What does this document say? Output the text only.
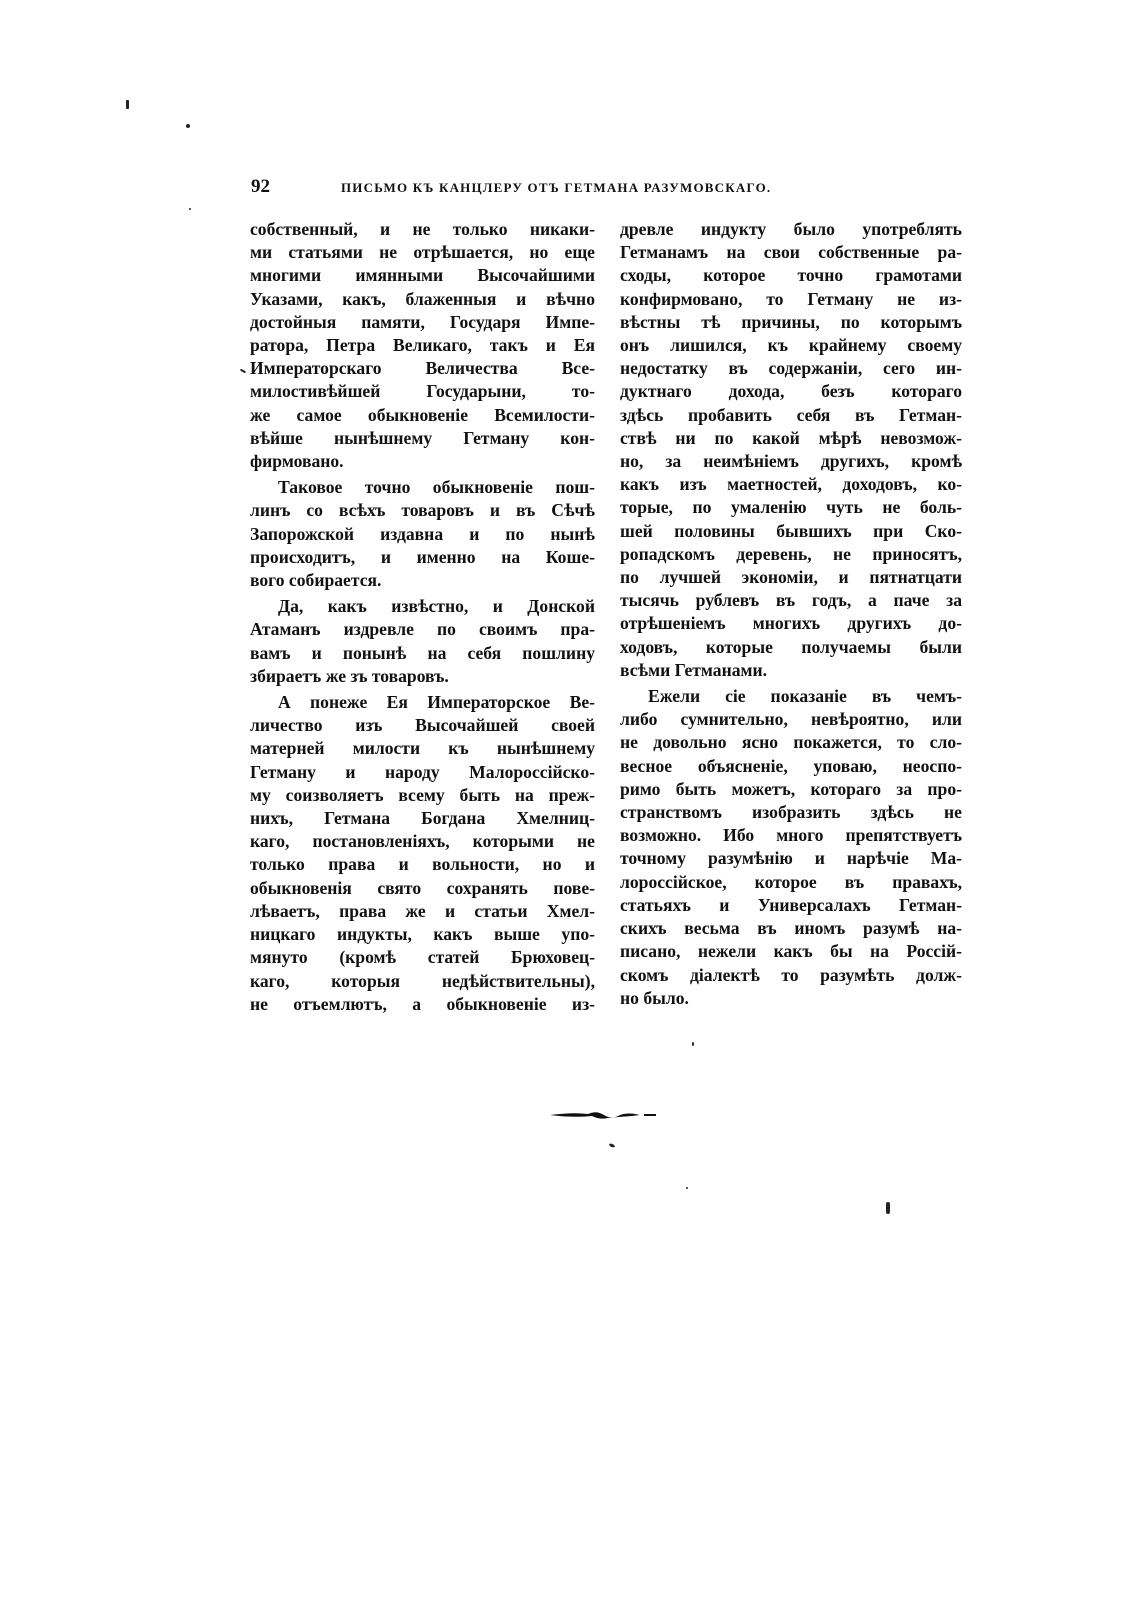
92	ПИСЬМО КЪ КАНЦЛЕРУ ОТЪ ГЕТМАНА РАЗУМОВСКАГО.
собственный, и не только никаки-
ми статьями не отрѣшается, но еще
многими имянными Высочайшими
Указами, какъ, блаженныя и вѣчно
достойныя памяти, Государя Импе-
ратора, Петра Великаго, такъ и Ея
Императорскаго Величества Все-
милостивѣйшей Государыни, то-
же самое обыкновеніе Всемилости-
вѣйше нынѣшнему Гетману кон-
фирмовано.
Таковое точно обыкновеніе пош-
линъ со всѣхъ товаровъ и въ Сѣчѣ
Запорожской издавна и по нынѣ
происходитъ, и именно на Кошe-
вого собирается.
Да, какъ извѣстно, и Донской
Атаманъ издревле по своимъ пра-
вамъ и понынѣ на себя пошлину
збираетъ же зъ товаровъ.
А понеже Ея Императорское Ве-
личество изъ Высочайшей своей
матерней милости къ нынѣшнему
Гетману и народу Малороссійско-
му соизволяетъ всему быть на преж-
нихъ, Гетмана Богдана Хмелниц-
каго, постановленіяхъ, которыми не
только права и вольности, но и
обыкновенія свято сохранять пове-
лѣваетъ, права же и статьи Хмел-
ницкаго индукты, какъ выше упо-
мянуто (кромѣ статей Брюховец-
каго, которыя недѣйствительны),
не отъемлютъ, а обыкновеніе из-
древле индукту было употреблять
Гетманамъ на свои собственные ра-
сходы, которое точно грамотами
конфирмовано, то Гетману не из-
вѣстны тѣ причины, по которымъ
онъ лишился, къ крайнему своему
недостатку въ содержаніи, сего ин-
дуктнаго дохода, безъ котораго
здѣсь пробавить себя въ Гетман-
ствѣ ни по какой мѣрѣ невозмож-
но, за неимѣніемъ другихъ, кромѣ
какъ изъ маетностей, доходовъ, ко-
торые, по умаленію чуть не боль-
шей половины бывшихъ при Ско-
ропадскомъ деревень, не приносятъ,
по лучшей экономіи, и пятнатцати
тысячь рублевъ въ годъ, а паче за
отрѣшеніемъ многихъ другихъ до-
ходовъ, которые получаемы были
всѣми Гетманами.
Ежели сіе показаніе въ чемъ-
либо сумнительно, невѣроятно, или
не довольно ясно покажется, то сло-
весное объясненіе, уповаю, неоспо-
римо быть можетъ, котораго за про-
странствомъ изобразить здѣсь не
возможно. Ибо много препятствуетъ
точному разумѣнію и нарѣчіе Ма-
лороссійское, которое въ правахъ,
статьяхъ и Универсалахъ Гетман-
скихъ весьма въ иномъ разумѣ на-
писано, нежели какъ бы на Россій-
скомъ діалектѣ то разумѣть долж-
но было.
